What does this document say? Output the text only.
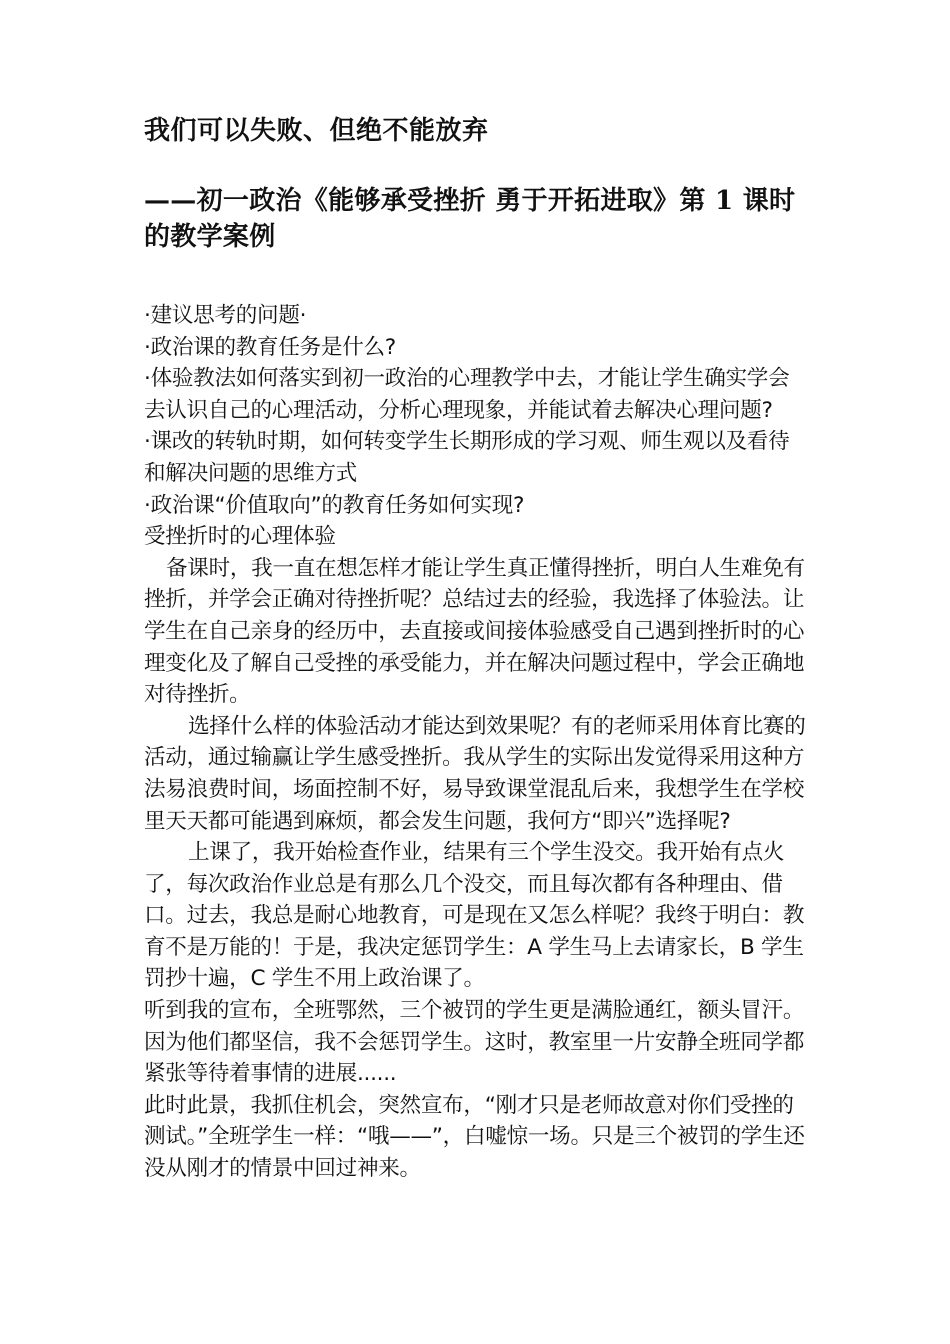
我们可以失败、但绝不能放弃
——初一政治《能够承受挫折 勇于开拓进取》第 1 课时的教学案例

·建议思考的问题·

·政治课的教育任务是什么?

·体验教法如何落实到初一政治的心理教学中去，才能让学生确实学会去认识自己的心理活动，分析心理现象，并能试着去解决心理问题?

·课改的转轨时期，如何转变学生长期形成的学习观、师生观以及看待和解决问题的思维方式

·政治课“价值取向”的教育任务如何实现?

受挫折时的心理体验

备课时，我一直在想怎样才能让学生真正懂得挫折，明白人生难免有挫折，并学会正确对待挫折呢？总结过去的经验，我选择了体验法。让学生在自己亲身的经历中，去直接或间接体验感受自己遇到挫折时的心理变化及了解自己受挫的承受能力，并在解决问题过程中，学会正确地对待挫折。

选择什么样的体验活动才能达到效果呢？有的老师采用体育比赛的活动，通过输赢让学生感受挫折。我从学生的实际出发觉得采用这种方法易浪费时间，场面控制不好，易导致课堂混乱后来，我想学生在学校里天天都可能遇到麻烦，都会发生问题，我何方“即兴”选择呢?

上课了，我开始检查作业，结果有三个学生没交。我开始有点火了，每次政治作业总是有那么几个没交，而且每次都有各种理由、借口。过去，我总是耐心地教育，可是现在又怎么样呢？我终于明白：教育不是万能的！于是，我决定惩罚学生：A 学生马上去请家长，B 学生罚抄十遍，C 学生不用上政治课了。

听到我的宣布，全班鄂然，三个被罚的学生更是满脸通红，额头冒汗。因为他们都坚信，我不会惩罚学生。这时，教室里一片安静全班同学都紧张等待着事情的进展......

此时此景，我抓住机会，突然宣布，“刚才只是老师故意对你们受挫的测试。”全班学生一样：“哦——”，白嘘惊一场。只是三个被罚的学生还没从刚才的情景中回过神来。
